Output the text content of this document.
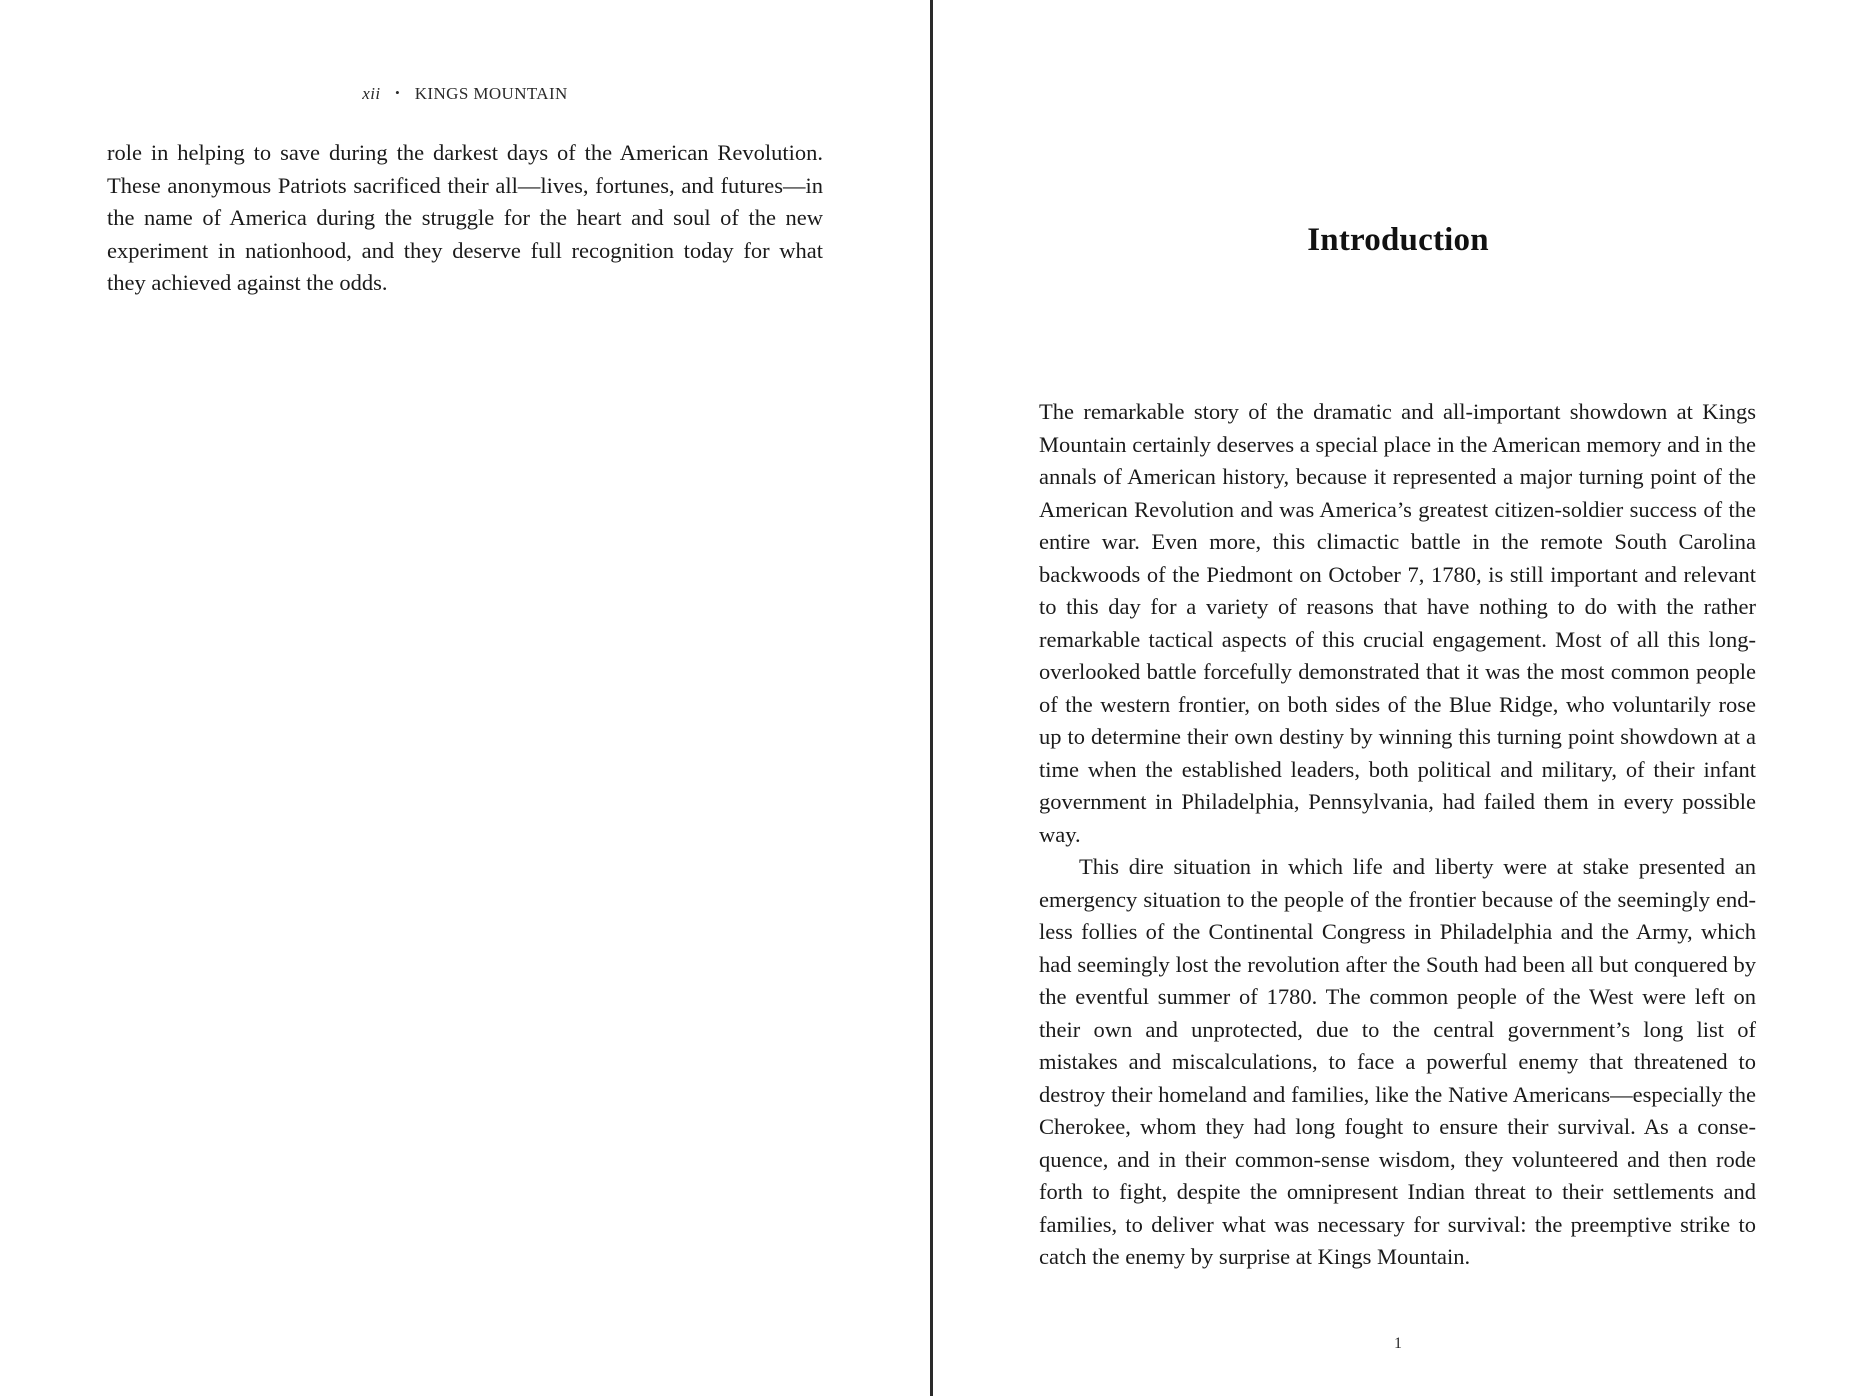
xii • KINGS MOUNTAIN

role in helping to save during the darkest days of the American Revolution. These anonymous Patriots sacrificed their all—lives, fortunes, and futures—in the name of America during the struggle for the heart and soul of the new experiment in nationhood, and they deserve full recognition today for what they achieved against the odds.

Introduction

The remarkable story of the dramatic and all-important showdown at Kings Mountain certainly deserves a special place in the American memory and in the annals of American history, because it represented a major turning point of the American Revolution and was America’s greatest citizen-soldier success of the entire war. Even more, this climactic battle in the remote South Carolina backwoods of the Piedmont on October 7, 1780, is still important and relevant to this day for a variety of reasons that have nothing to do with the rather remarkable tactical aspects of this crucial engagement. Most of all this long-overlooked battle forcefully demonstrated that it was the most common people of the western frontier, on both sides of the Blue Ridge, who voluntarily rose up to determine their own destiny by winning this turning point showdown at a time when the established leaders, both political and military, of their infant government in Philadelphia, Pennsylvania, had failed them in every possible way.

This dire situation in which life and liberty were at stake presented an emergency situation to the people of the frontier because of the seemingly endless follies of the Continental Congress in Philadelphia and the Army, which had seemingly lost the revolution after the South had been all but conquered by the eventful summer of 1780. The common people of the West were left on their own and unprotected, due to the central government’s long list of mistakes and miscalculations, to face a powerful enemy that threatened to destroy their homeland and families, like the Native Americans—especially the Cherokee, whom they had long fought to ensure their survival. As a consequence, and in their common-sense wisdom, they volunteered and then rode forth to fight, despite the omnipresent Indian threat to their settlements and families, to deliver what was necessary for survival: the preemptive strike to catch the enemy by surprise at Kings Mountain.

1
